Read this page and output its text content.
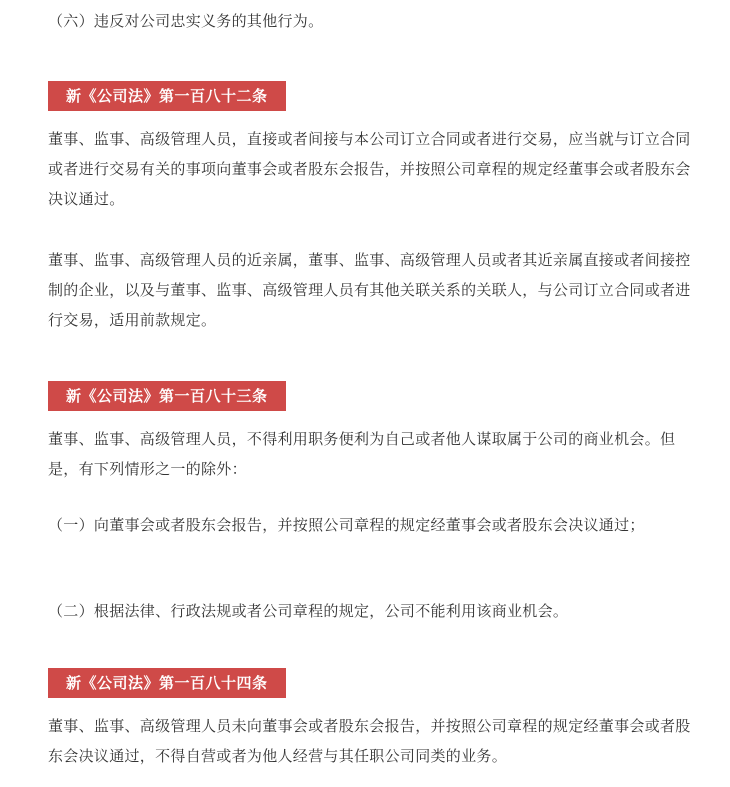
（六）违反对公司忠实义务的其他行为。

新《公司法》第一百八十二条

董事、监事、高级管理人员，直接或者间接与本公司订立合同或者进行交易，应当就与订立合同或者进行交易有关的事项向董事会或者股东会报告，并按照公司章程的规定经董事会或者股东会决议通过。

董事、监事、高级管理人员的近亲属，董事、监事、高级管理人员或者其近亲属直接或者间接控制的企业，以及与董事、监事、高级管理人员有其他关联关系的关联人，与公司订立合同或者进行交易，适用前款规定。

新《公司法》第一百八十三条

董事、监事、高级管理人员，不得利用职务便利为自己或者他人谋取属于公司的商业机会。但是，有下列情形之一的除外：

（一）向董事会或者股东会报告，并按照公司章程的规定经董事会或者股东会决议通过；

（二）根据法律、行政法规或者公司章程的规定，公司不能利用该商业机会。

新《公司法》第一百八十四条

董事、监事、高级管理人员未向董事会或者股东会报告，并按照公司章程的规定经董事会或者股东会决议通过，不得自营或者为他人经营与其任职公司同类的业务。
